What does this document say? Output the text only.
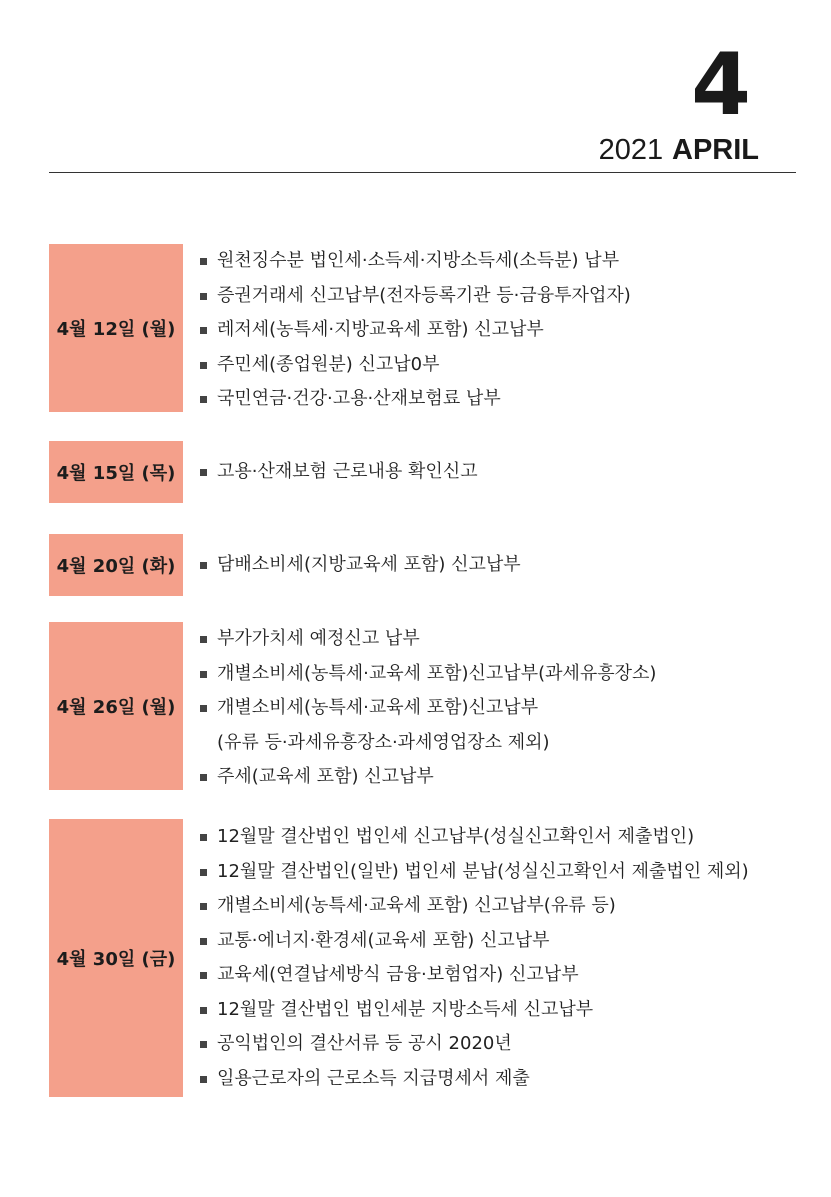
4
2021 APRIL
4월 12일 (월)
원천징수분 법인세·소득세·지방소득세(소득분) 납부
증권거래세 신고납부(전자등록기관 등·금융투자업자)
레저세(농특세·지방교육세 포함) 신고납부
주민세(종업원분) 신고납0부
국민연금·건강·고용·산재보험료 납부
4월 15일 (목)	고용·산재보험 근로내용 확인신고
4월 20일 (화)	담배소비세(지방교육세 포함) 신고납부
4월 26일 (월)
부가가치세 예정신고 납부
개별소비세(농특세·교육세 포함)신고납부(과세유흥장소)
개별소비세(농특세·교육세 포함)신고납부
(유류 등·과세유흥장소·과세영업장소 제외)
주세(교육세 포함) 신고납부
4월 30일 (금)
12월말 결산법인 법인세 신고납부(성실신고확인서 제출법인)
12월말 결산법인(일반) 법인세 분납(성실신고확인서 제출법인 제외)
개별소비세(농특세·교육세 포함) 신고납부(유류 등)
교통·에너지·환경세(교육세 포함) 신고납부
교육세(연결납세방식 금융·보험업자) 신고납부
12월말 결산법인 법인세분 지방소득세 신고납부
공익법인의 결산서류 등 공시 2020년
일용근로자의 근로소득 지급명세서 제출
